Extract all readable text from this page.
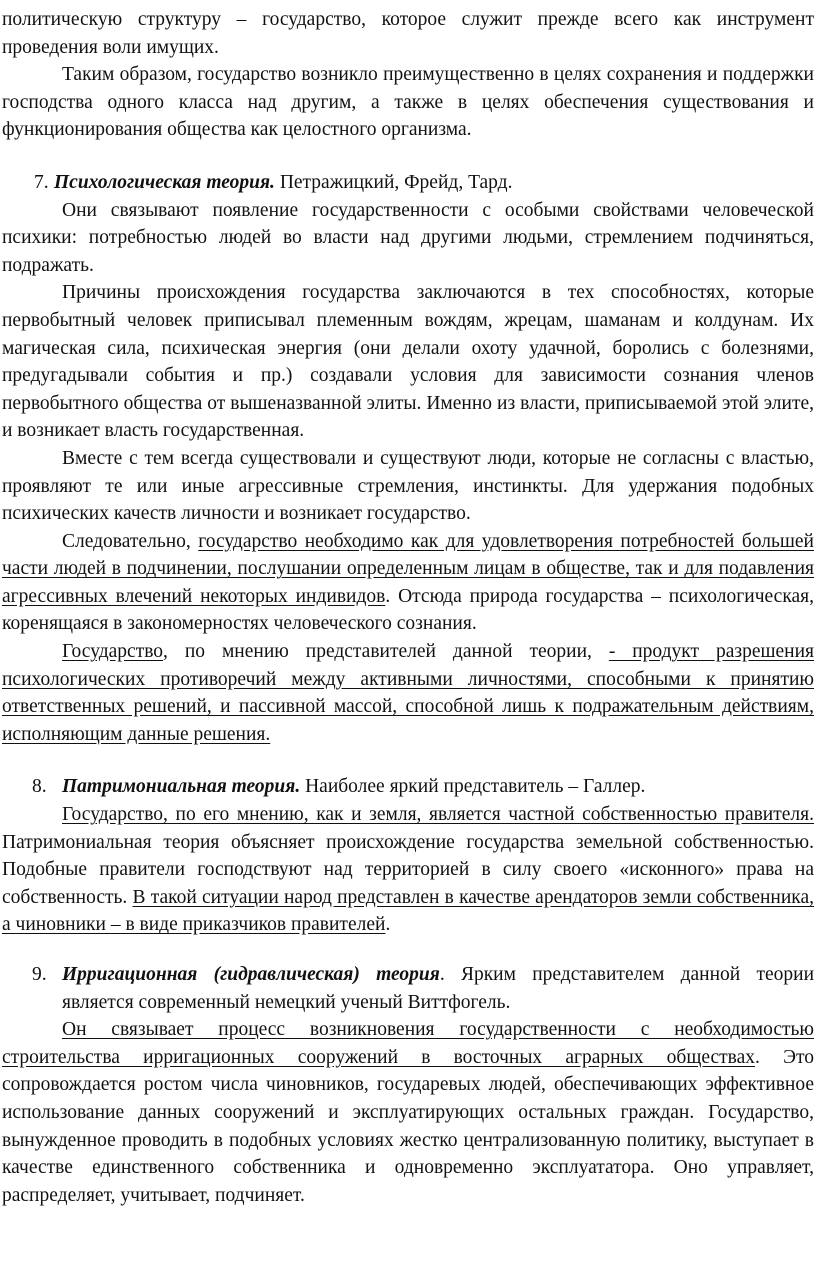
политическую структуру – государство, которое служит прежде всего как инструмент проведения воли имущих.

Таким образом, государство возникло преимущественно в целях сохранения и поддержки господства одного класса над другим, а также в целях обеспечения существования и функционирования общества как целостного организма.

7. Психологическая теория. Петражицкий, Фрейд, Тард.

Они связывают появление государственности с особыми свойствами человеческой психики: потребностью людей во власти над другими людьми, стремлением подчиняться, подражать.

Причины происхождения государства заключаются в тех способностях, которые первобытный человек приписывал племенным вождям, жрецам, шаманам и колдунам. Их магическая сила, психическая энергия (они делали охоту удачной, боролись с болезнями, предугадывали события и пр.) создавали условия для зависимости сознания членов первобытного общества от вышеназванной элиты. Именно из власти, приписываемой этой элите, и возникает власть государственная.

Вместе с тем всегда существовали и существуют люди, которые не согласны с властью, проявляют те или иные агрессивные стремления, инстинкты. Для удержания подобных психических качеств личности и возникает государство.

Следовательно, государство необходимо как для удовлетворения потребностей большей части людей в подчинении, послушании определенным лицам в обществе, так и для подавления агрессивных влечений некоторых индивидов. Отсюда природа государства – психологическая, коренящаяся в закономерностях человеческого сознания.

Государство, по мнению представителей данной теории, - продукт разрешения психологических противоречий между активными личностями, способными к принятию ответственных решений, и пассивной массой, способной лишь к подражательным действиям, исполняющим данные решения.

8. Патримониальная теория. Наиболее яркий представитель – Галлер.

Государство, по его мнению, как и земля, является частной собственностью правителя. Патримониальная теория объясняет происхождение государства земельной собственностью. Подобные правители господствуют над территорией в силу своего «исконного» права на собственность. В такой ситуации народ представлен в качестве арендаторов земли собственника, а чиновники – в виде приказчиков правителей.

9. Ирригационная (гидравлическая) теория. Ярким представителем данной теории является современный немецкий ученый Виттфогель.

Он связывает процесс возникновения государственности с необходимостью строительства ирригационных сооружений в восточных аграрных обществах. Это сопровождается ростом числа чиновников, государевых людей, обеспечивающих эффективное использование данных сооружений и эксплуатирующих остальных граждан. Государство, вынужденное проводить в подобных условиях жестко централизованную политику, выступает в качестве единственного собственника и одновременно эксплуататора. Оно управляет, распределяет, учитывает, подчиняет.
